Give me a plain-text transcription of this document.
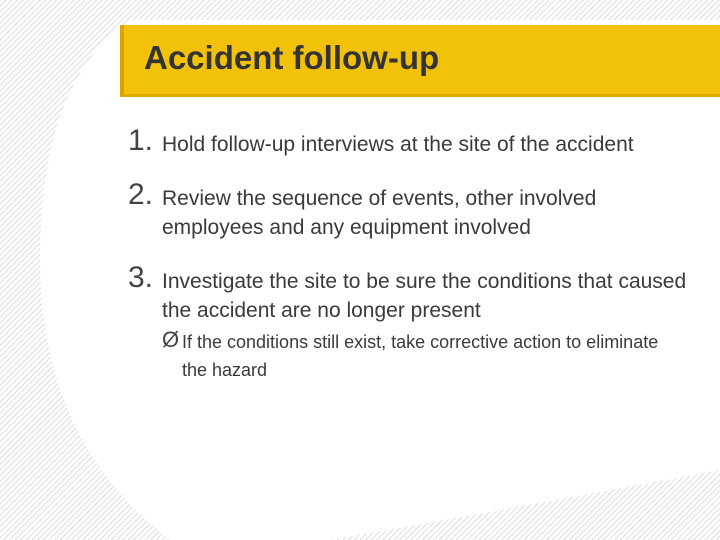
Accident follow-up
1. Hold follow-up interviews at the site of the accident
2. Review the sequence of events, other involved employees and any equipment involved
3. Investigate the site to be sure the conditions that caused the accident are no longer present
Ø If the conditions still exist, take corrective action to eliminate the hazard
